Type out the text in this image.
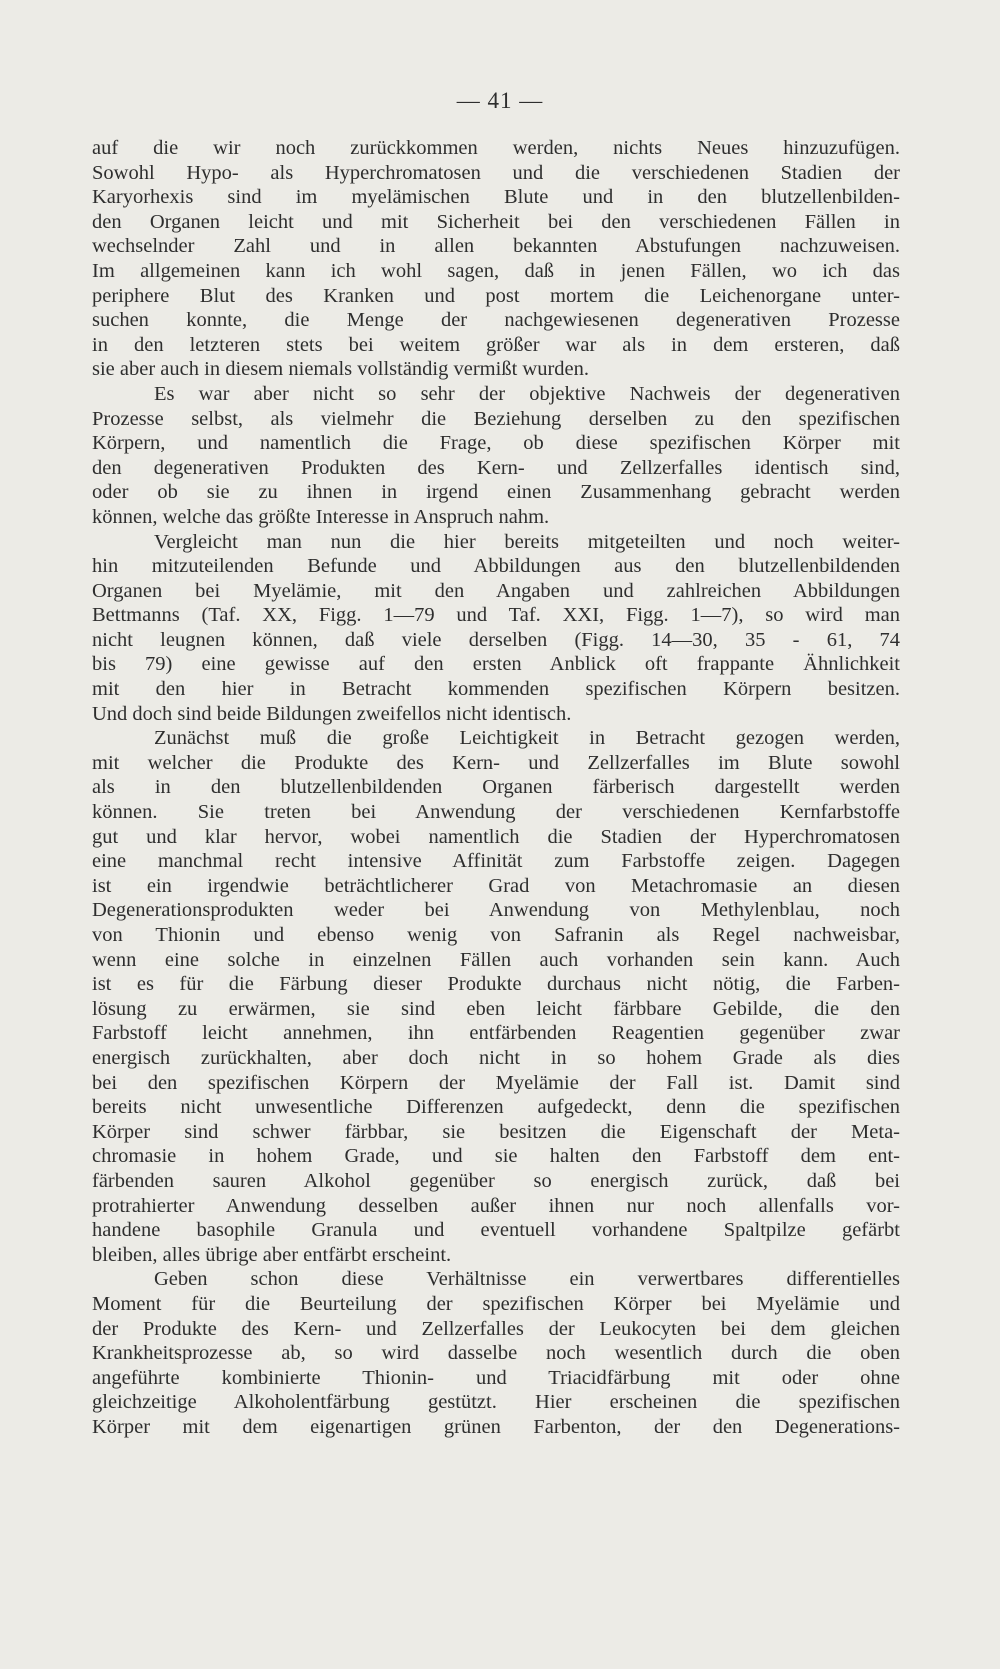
— 41 —
auf die wir noch zurückkommen werden, nichts Neues hinzuzufügen.
Sowohl Hypo- als Hyperchromatosen und die verschiedenen Stadien der
Karyorhexis sind im myelämischen Blute und in den blutzellenbilden-
den Organen leicht und mit Sicherheit bei den verschiedenen Fällen in
wechselnder Zahl und in allen bekannten Abstufungen nachzuweisen.
Im allgemeinen kann ich wohl sagen, daß in jenen Fällen, wo ich das
periphere Blut des Kranken und post mortem die Leichenorgane unter-
suchen konnte, die Menge der nachgewiesenen degenerativen Prozesse
in den letzteren stets bei weitem größer war als in dem ersteren, daß
sie aber auch in diesem niemals vollständig vermißt wurden.
Es war aber nicht so sehr der objektive Nachweis der degenerativen
Prozesse selbst, als vielmehr die Beziehung derselben zu den spezifischen
Körpern, und namentlich die Frage, ob diese spezifischen Körper mit
den degenerativen Produkten des Kern- und Zellzerfalles identisch sind,
oder ob sie zu ihnen in irgend einen Zusammenhang gebracht werden
können, welche das größte Interesse in Anspruch nahm.
Vergleicht man nun die hier bereits mitgeteilten und noch weiter-
hin mitzuteilenden Befunde und Abbildungen aus den blutzellenbildenden
Organen bei Myelämie, mit den Angaben und zahlreichen Abbildungen
Bettmanns (Taf. XX, Figg. 1—79 und Taf. XXI, Figg. 1—7), so wird man
nicht leugnen können, daß viele derselben (Figg. 14—30, 35 - 61, 74
bis 79) eine gewisse auf den ersten Anblick oft frappante Ähnlichkeit
mit den hier in Betracht kommenden spezifischen Körpern besitzen.
Und doch sind beide Bildungen zweifellos nicht identisch.
Zunächst muß die große Leichtigkeit in Betracht gezogen werden,
mit welcher die Produkte des Kern- und Zellzerfalles im Blute sowohl
als in den blutzellenbildenden Organen färberisch dargestellt werden
können. Sie treten bei Anwendung der verschiedenen Kernfarbstoffe
gut und klar hervor, wobei namentlich die Stadien der Hyperchromatosen
eine manchmal recht intensive Affinität zum Farbstoffe zeigen. Dagegen
ist ein irgendwie beträchtlicherer Grad von Metachromasie an diesen
Degenerationsprodukten weder bei Anwendung von Methylenblau, noch
von Thionin und ebenso wenig von Safranin als Regel nachweisbar,
wenn eine solche in einzelnen Fällen auch vorhanden sein kann. Auch
ist es für die Färbung dieser Produkte durchaus nicht nötig, die Farben-
lösung zu erwärmen, sie sind eben leicht färbbare Gebilde, die den
Farbstoff leicht annehmen, ihn entfärbenden Reagentien gegenüber zwar
energisch zurückhalten, aber doch nicht in so hohem Grade als dies
bei den spezifischen Körpern der Myelämie der Fall ist. Damit sind
bereits nicht unwesentliche Differenzen aufgedeckt, denn die spezifischen
Körper sind schwer färbbar, sie besitzen die Eigenschaft der Meta-
chromasie in hohem Grade, und sie halten den Farbstoff dem ent-
färbenden sauren Alkohol gegenüber so energisch zurück, daß bei
protrahierter Anwendung desselben außer ihnen nur noch allenfalls vor-
handene basophile Granula und eventuell vorhandene Spaltpilze gefärbt
bleiben, alles übrige aber entfärbt erscheint.
Geben schon diese Verhältnisse ein verwertbares differentielles
Moment für die Beurteilung der spezifischen Körper bei Myelämie und
der Produkte des Kern- und Zellzerfalles der Leukocyten bei dem gleichen
Krankheitsprozesse ab, so wird dasselbe noch wesentlich durch die oben
angeführte kombinierte Thionin- und Triacidfärbung mit oder ohne
gleichzeitige Alkoholentfärbung gestützt. Hier erscheinen die spezifischen
Körper mit dem eigenartigen grünen Farbenton, der den Degenerations-
